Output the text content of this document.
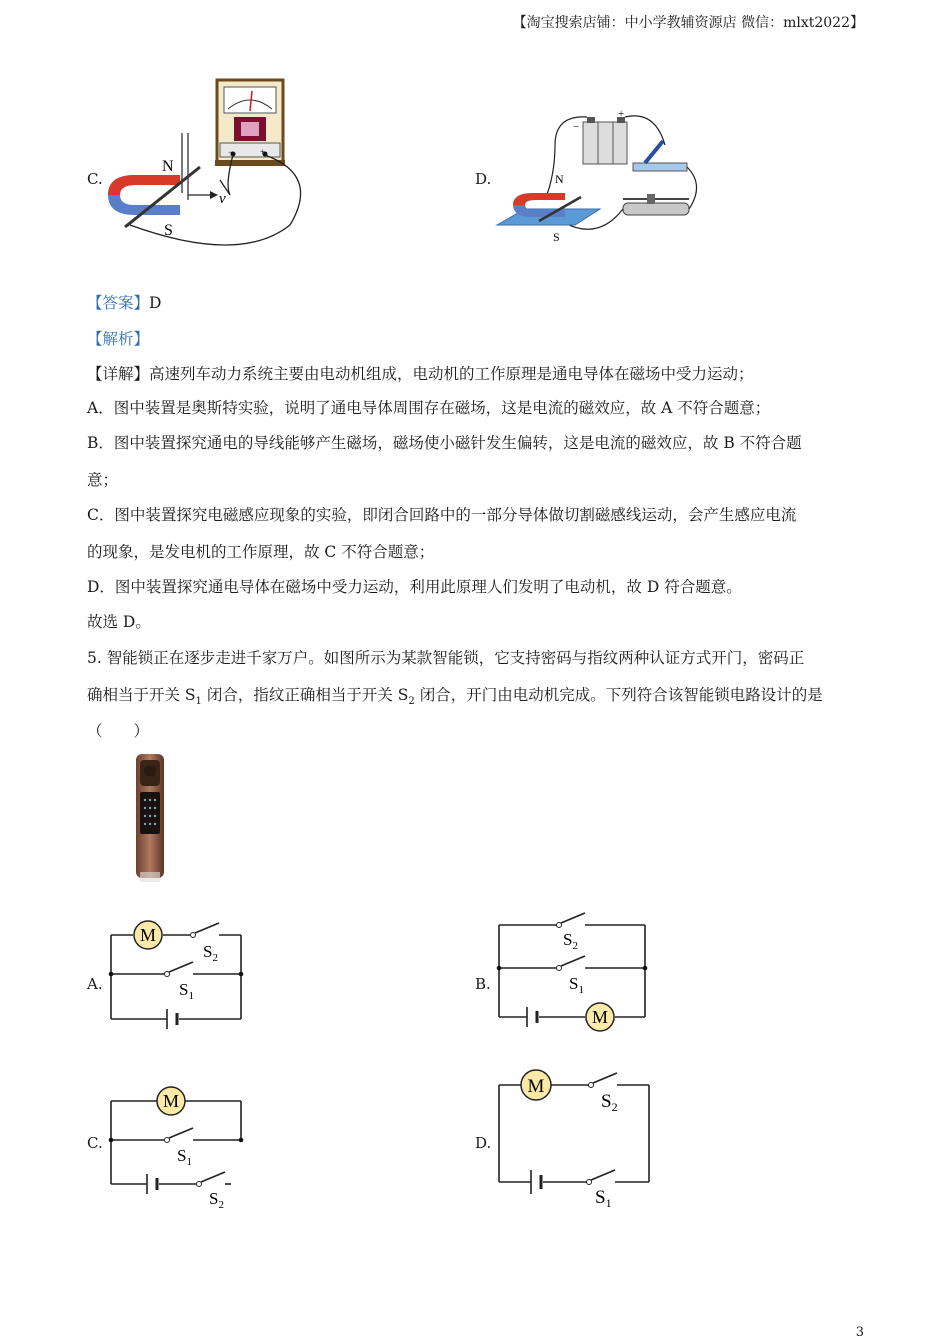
【淘宝搜索店铺：中小学教辅资源店 微信：mlxt2022】
C.
−	+
N
S
v
D.
−
+
N
S
【答案】D
【解析】
【详解】高速列车动力系统主要由电动机组成，电动机的工作原理是通电导体在磁场中受力运动；
A．图中装置是奥斯特实验，说明了通电导体周围存在磁场，这是电流的磁效应，故 A 不符合题意；
B．图中装置探究通电的导线能够产生磁场，磁场使小磁针发生偏转，这是电流的磁效应，故 B 不符合题
意；
C．图中装置探究电磁感应现象的实验，即闭合回路中的一部分导体做切割磁感线运动，会产生感应电流
的现象，是发电机的工作原理，故 C 不符合题意；
D．图中装置探究通电导体在磁场中受力运动，利用此原理人们发明了电动机，故 D 符合题意。
故选 D。
5. 智能锁正在逐步走进千家万户。如图所示为某款智能锁，它支持密码与指纹两种认证方式开门，密码正
确相当于开关 $S_1$ 闭合，指纹正确相当于开关 $S_2$ 闭合，开门由电动机完成。下列符合该智能锁电路设计的是
（　　）
A.
M
$S_2$
$S_1$
B.
M
$S_2$
$S_1$
C.
M
$S_1$
$S_2$
D.
M
$S_2$
$S_1$
3
